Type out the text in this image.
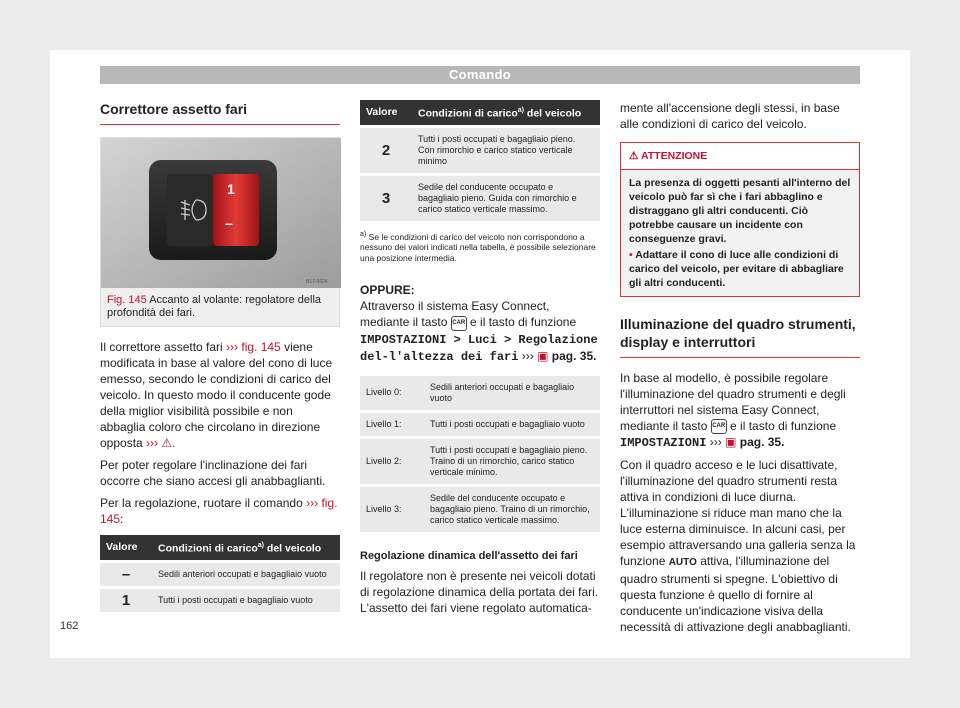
Comando
Correttore assetto fari
1
–
B17-0624
Fig. 145 Accanto al volante: regolatore della profondità dei fari.

Il correttore assetto fari ››› fig. 145 viene modificata in base al valore del cono di luce emesso, secondo le condizioni di carico del veicolo. In questo modo il conducente gode della miglior visibilità possibile e non abbaglia coloro che circolano in direzione opposta ››› ⚠.

Per poter regolare l'inclinazione dei fari occorre che siano accesi gli anabbaglianti.

Per la regolazione, ruotare il comando ››› fig. 145:

Valore	Condizioni di carico$^{a)}$ del veicolo
–	Sedili anteriori occupati e bagagliaio vuoto
1	Tutti i posti occupati e bagagliaio vuoto
Valore	Condizioni di carico$^{a)}$ del veicolo
2	Tutti i posti occupati e bagagliaio pieno. Con rimorchio e carico statico verticale minimo
3	Sedile del conducente occupato e bagagliaio pieno. Guida con rimorchio e carico statico verticale massimo.

$^{a)}$ Se le condizioni di carico del veicolo non corrispondono a nessuno dei valori indicati nella tabella, è possibile selezionare una posizione intermedia.

OPPURE:

Attraverso il sistema Easy Connect, mediante il tasto CAR e il tasto di funzione IMPOSTAZIONI > Luci > Regolazione del-l'altezza dei fari ››› ▣ pag. 35.

Livello 0:	Sedili anteriori occupati e bagagliaio vuoto
Livello 1:	Tutti i posti occupati e bagagliaio vuoto
Livello 2:	Tutti i posti occupati e bagagliaio pieno. Traino di un rimorchio, carico statico verticale minimo.
Livello 3:	Sedile del conducente occupato e bagagliaio pieno. Traino di un rimorchio, carico statico verticale massimo.
Regolazione dinamica dell'assetto dei fari

Il regolatore non è presente nei veicoli dotati di regolazione dinamica della portata dei fari. L'assetto dei fari viene regolato automatica-

mente all'accensione degli stessi, in base alle condizioni di carico del veicolo.

⚠ ATTENZIONE
La presenza di oggetti pesanti all'interno del veicolo può far sì che i fari abbaglino e distraggano gli altri conducenti. Ciò potrebbe causare un incidente con conseguenze gravi.
• Adattare il cono di luce alle condizioni di carico del veicolo, per evitare di abbagliare gli altri conducenti.
Illuminazione del quadro strumenti, display e interruttori

In base al modello, è possibile regolare l'illuminazione del quadro strumenti e degli interruttori nel sistema Easy Connect, mediante il tasto CAR e il tasto di funzione IMPOSTAZIONI ››› ▣ pag. 35.

Con il quadro acceso e le luci disattivate, l'illuminazione del quadro strumenti resta attiva in condizioni di luce diurna. L'illuminazione si riduce man mano che la luce esterna diminuisce. In alcuni casi, per esempio attraversando una galleria senza la funzione AUTO attiva, l'illuminazione del quadro strumenti si spegne. L'obiettivo di questa funzione è quello di fornire al conducente un'indicazione visiva della necessità di attivazione degli anabbaglianti.

162
